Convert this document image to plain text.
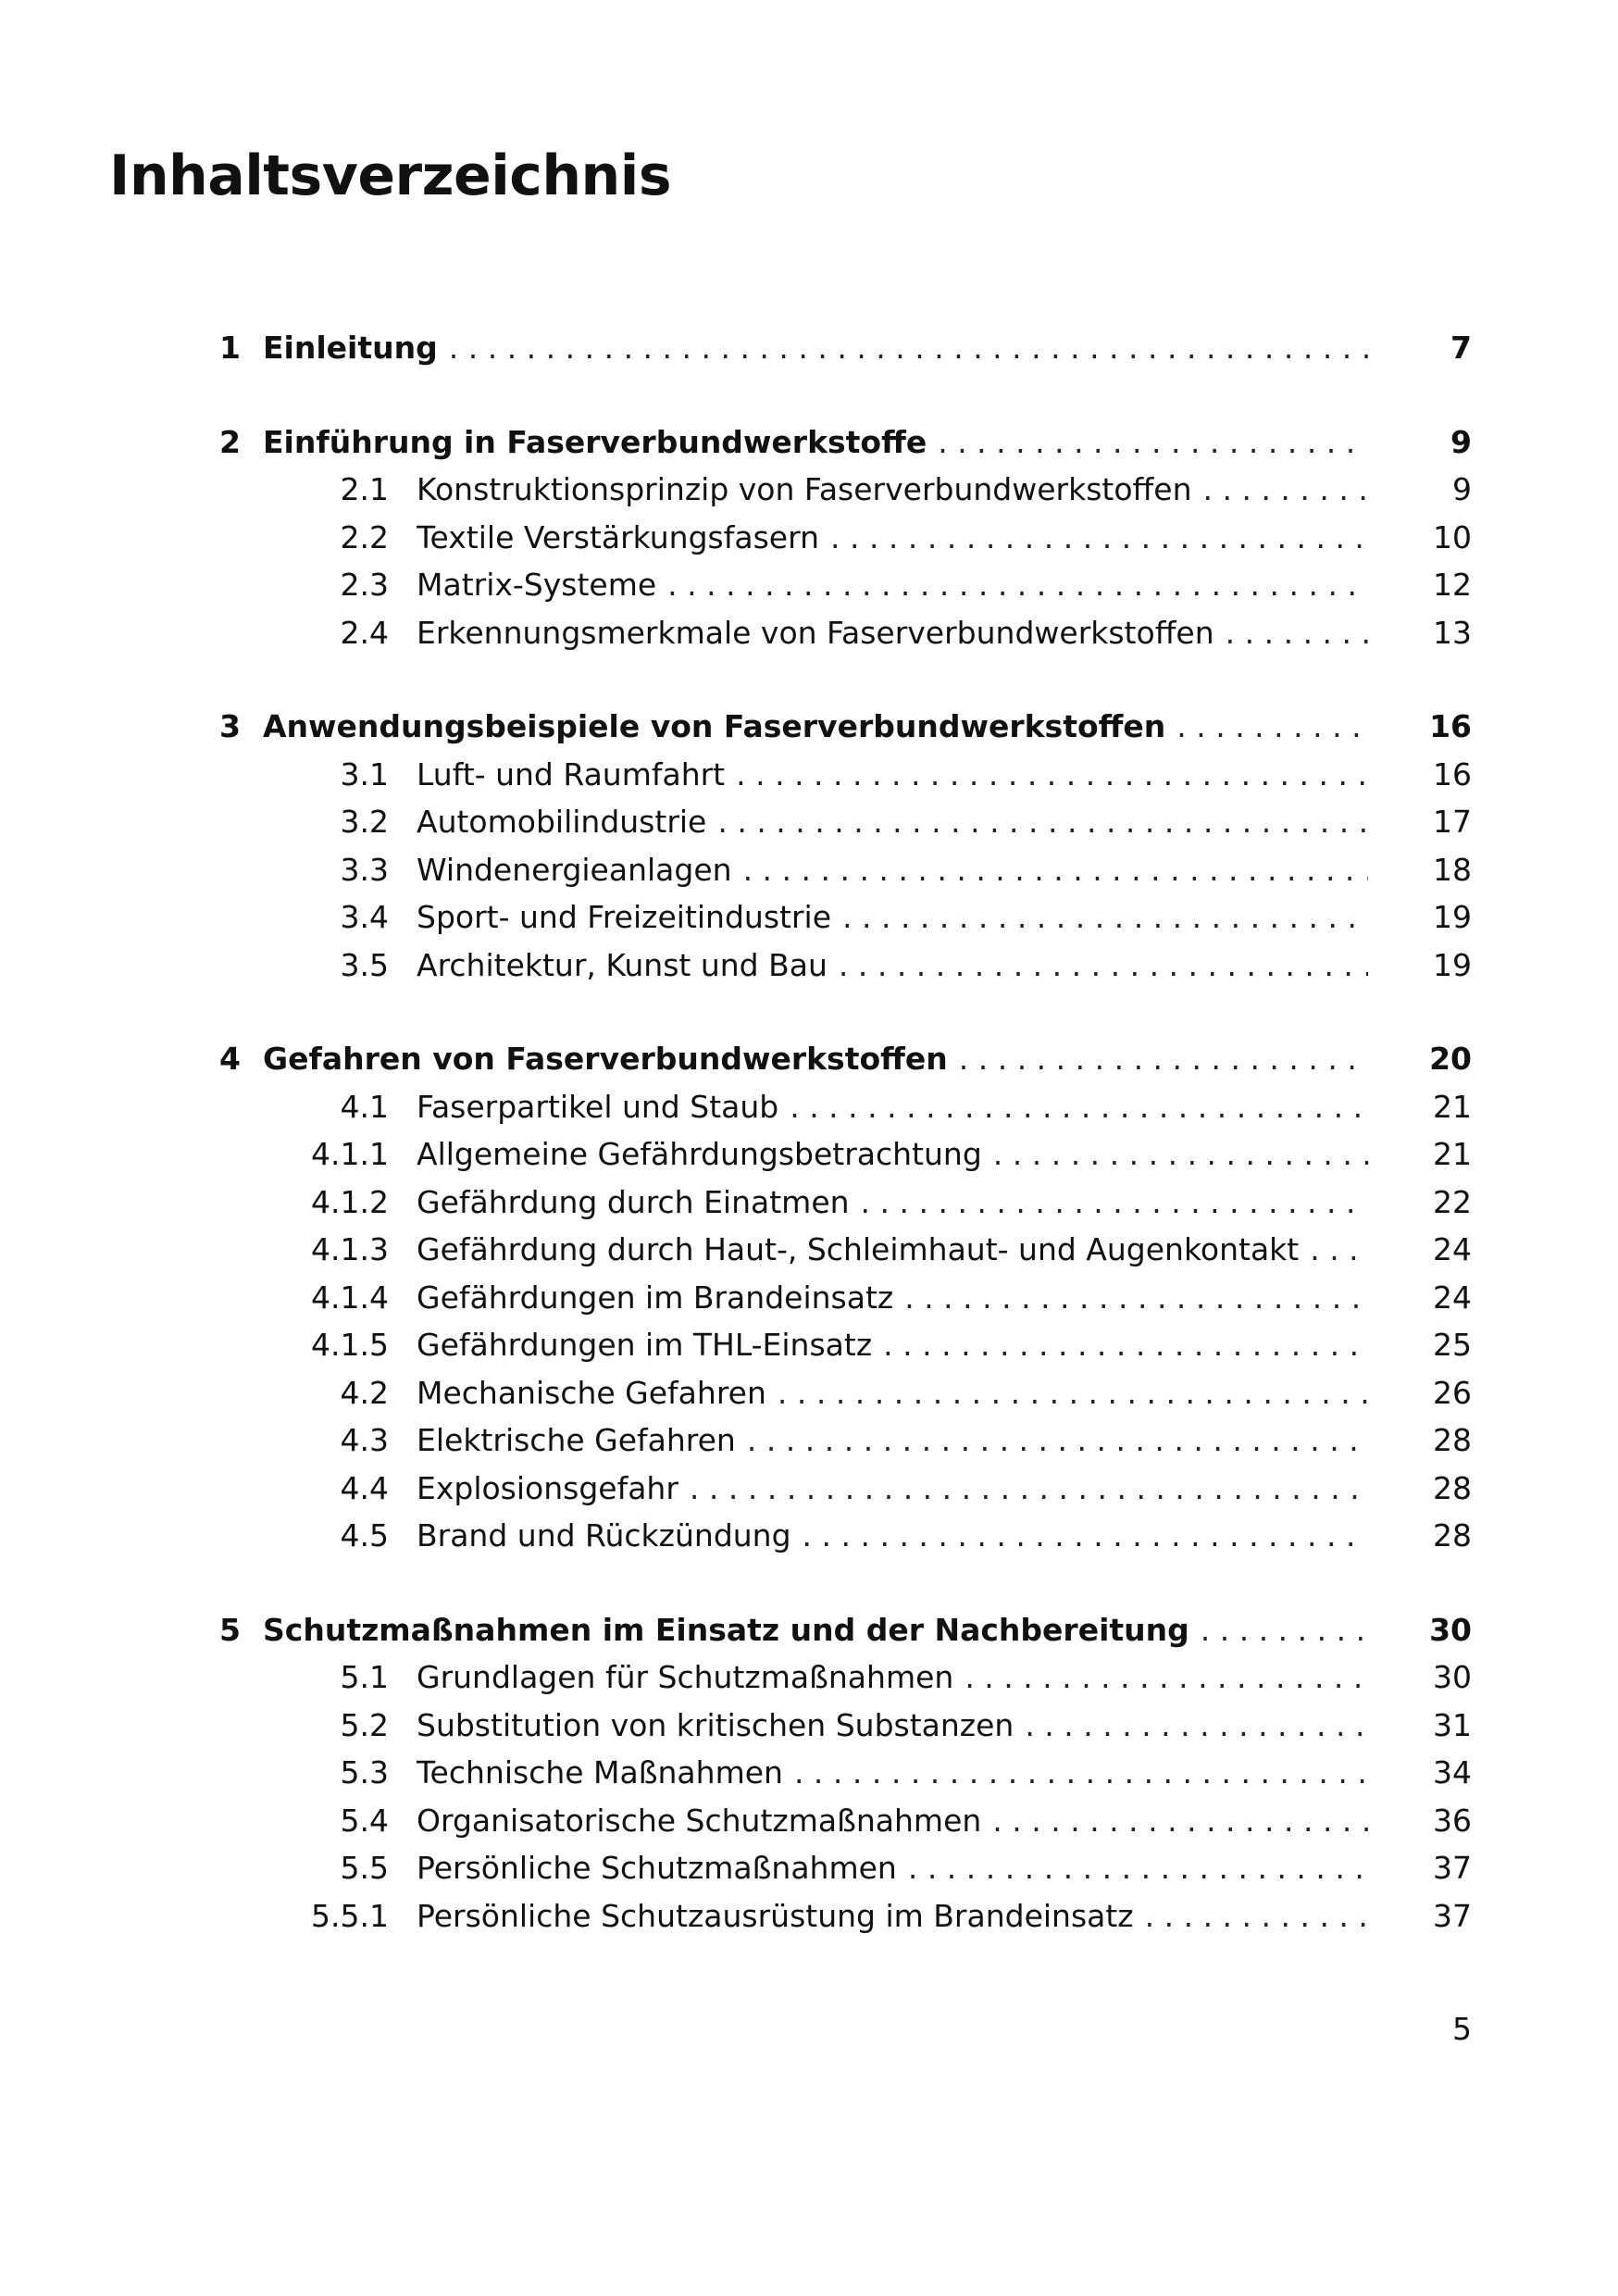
Inhaltsverzeichnis
1 Einleitung . . .	7
2 Einführung in Faserverbundwerkstoffe . . .	9
2.1 Konstruktionsprinzip von Faserverbundwerkstoffen . . .	9
2.2 Textile Verstärkungsfasern . . .	10
2.3 Matrix-Systeme . . .	12
2.4 Erkennungsmerkmale von Faserverbundwerkstoffen . . .	13
3 Anwendungsbeispiele von Faserverbundwerkstoffen . . .	16
3.1 Luft- und Raumfahrt . . .	16
3.2 Automobilindustrie . . .	17
3.3 Windenergieanlagen . . .	18
3.4 Sport- und Freizeitindustrie . . .	19
3.5 Architektur, Kunst und Bau . . .	19
4 Gefahren von Faserverbundwerkstoffen . . .	20
4.1 Faserpartikel und Staub . . .	21
4.1.1 Allgemeine Gefährdungsbetrachtung . . .	21
4.1.2 Gefährdung durch Einatmen . . .	22
4.1.3 Gefährdung durch Haut-, Schleimhaut- und Augenkontakt . . .	24
4.1.4 Gefährdungen im Brandeinsatz . . .	24
4.1.5 Gefährdungen im THL-Einsatz . . .	25
4.2 Mechanische Gefahren . . .	26
4.3 Elektrische Gefahren . . .	28
4.4 Explosionsgefahr . . .	28
4.5 Brand und Rückzündung . . .	28
5 Schutzmaßnahmen im Einsatz und der Nachbereitung . . .	30
5.1 Grundlagen für Schutzmaßnahmen . . .	30
5.2 Substitution von kritischen Substanzen . . .	31
5.3 Technische Maßnahmen . . .	34
5.4 Organisatorische Schutzmaßnahmen . . .	36
5.5 Persönliche Schutzmaßnahmen . . .	37
5.5.1 Persönliche Schutzausrüstung im Brandeinsatz . . .	37
5
